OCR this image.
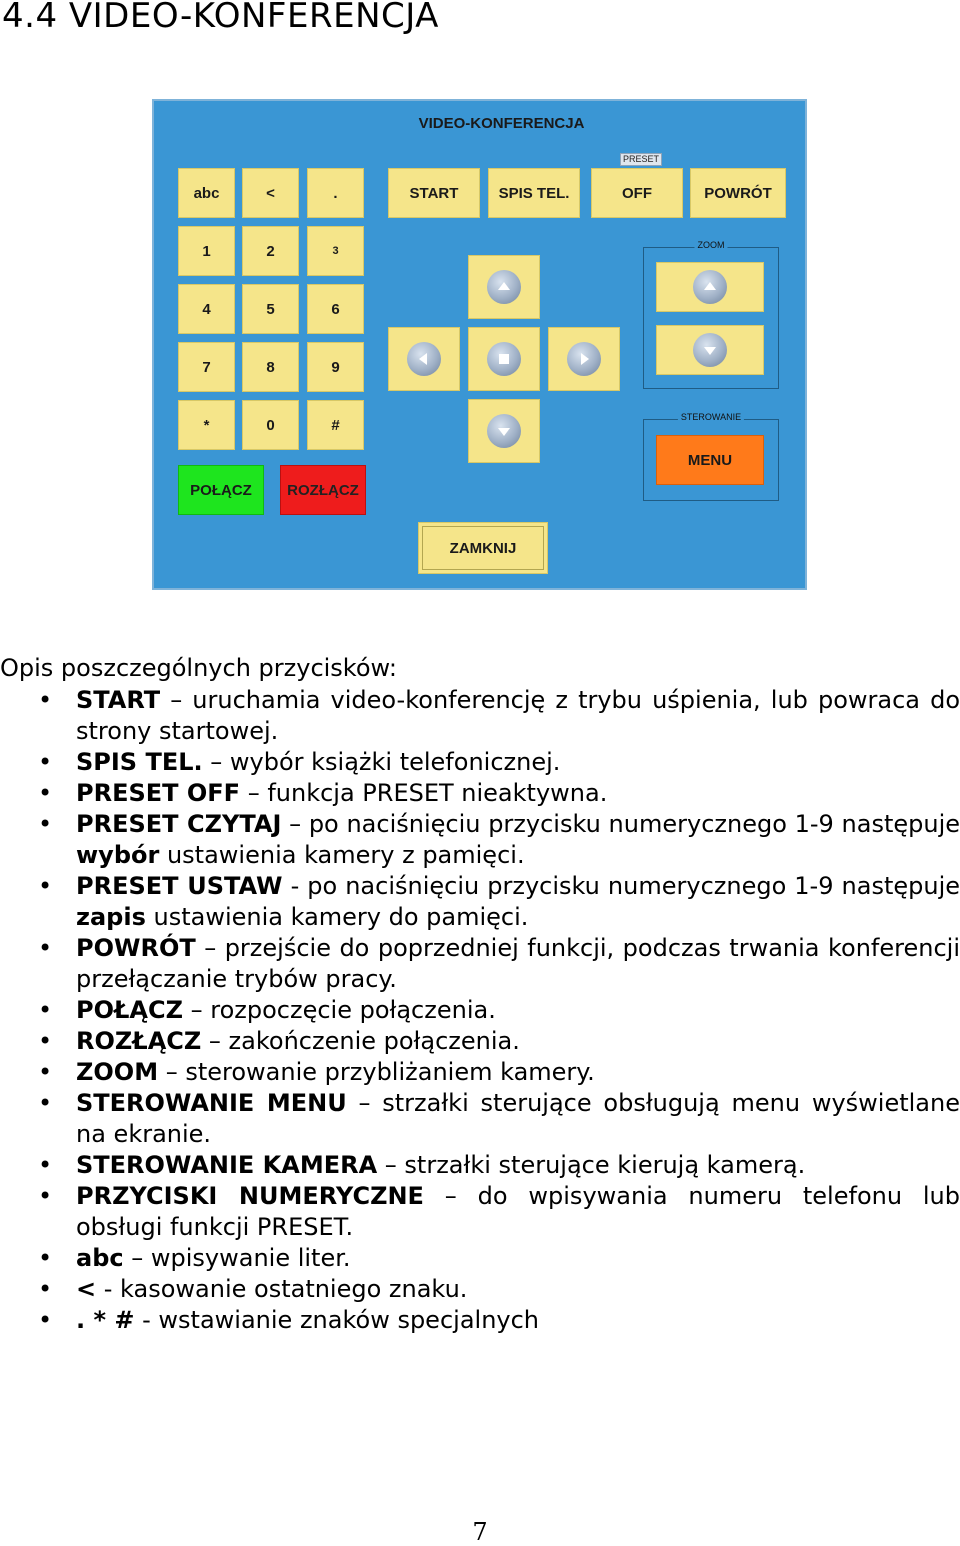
4.4 VIDEO-KONFERENCJA
VIDEO-KONFERENCJA
abc	<	.
1	2	3
4	5	6
7	8	9
*	0	#
POŁĄCZ	ROZŁĄCZ
START	SPIS TEL.	OFF	POWRÓT
ZOOM
STEROWANIE
MENU
ZAMKNIJ
PRESET
Opis poszczególnych przycisków:
• START – uruchamia video-konferencję z trybu uśpienia, lub powraca do strony startowej.
• SPIS TEL. – wybór książki telefonicznej.
• PRESET OFF – funkcja PRESET nieaktywna.
• PRESET CZYTAJ – po naciśnięciu przycisku numerycznego 1-9 następuje wybór ustawienia kamery z pamięci.
• PRESET USTAW - po naciśnięciu przycisku numerycznego 1-9 następuje zapis ustawienia kamery do pamięci.
• POWRÓT – przejście do poprzedniej funkcji, podczas trwania konferencji przełączanie trybów pracy.
• POŁĄCZ – rozpoczęcie połączenia.
• ROZŁĄCZ – zakończenie połączenia.
• ZOOM – sterowanie przybliżaniem kamery.
• STEROWANIE MENU – strzałki sterujące obsługują menu wyświetlane na ekranie.
• STEROWANIE KAMERA – strzałki sterujące kierują kamerą.
• PRZYCISKI NUMERYCZNE – do wpisywania numeru telefonu lub obsługi funkcji PRESET.
• abc – wpisywanie liter.
• < - kasowanie ostatniego znaku.
• . * # - wstawianie znaków specjalnych
7
